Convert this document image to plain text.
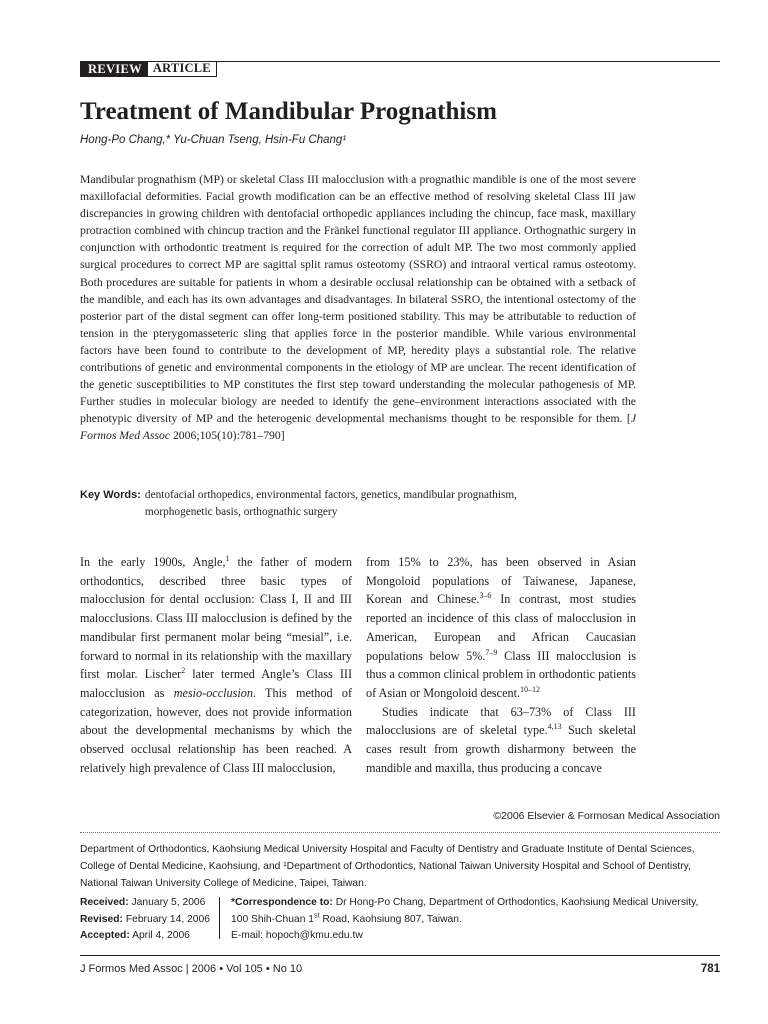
REVIEW ARTICLE
Treatment of Mandibular Prognathism
Hong-Po Chang,* Yu-Chuan Tseng, Hsin-Fu Chang¹
Mandibular prognathism (MP) or skeletal Class III malocclusion with a prognathic mandible is one of the most severe maxillofacial deformities. Facial growth modification can be an effective method of resolving skeletal Class III jaw discrepancies in growing children with dentofacial orthopedic appliances including the chincup, face mask, maxillary protraction combined with chincup traction and the Fränkel functional regulator III appliance. Orthognathic surgery in conjunction with orthodontic treatment is required for the correction of adult MP. The two most commonly applied surgical procedures to correct MP are sagittal split ramus osteotomy (SSRO) and intraoral vertical ramus osteotomy. Both procedures are suitable for patients in whom a desirable occlusal relationship can be obtained with a setback of the mandible, and each has its own advantages and disadvantages. In bilateral SSRO, the intentional ostectomy of the posterior part of the distal segment can offer long-term positioned stability. This may be attributable to reduction of tension in the pterygomasseteric sling that applies force in the posterior mandible. While various environmental factors have been found to contribute to the development of MP, heredity plays a substantial role. The relative contributions of genetic and environmental components in the etiology of MP are unclear. The recent identification of the genetic susceptibilities to MP constitutes the first step toward understanding the molecular pathogenesis of MP. Further studies in molecular biology are needed to identify the gene–environment interactions associated with the phenotypic diversity of MP and the heterogenic developmental mechanisms thought to be responsible for them. [J Formos Med Assoc 2006;105(10):781–790]
Key Words: dentofacial orthopedics, environmental factors, genetics, mandibular prognathism,
morphogenetic basis, orthognathic surgery

In the early 1900s, Angle,$^1$ the father of modern orthodontics, described three basic types of malocclusion for dental occlusion: Class I, II and III malocclusions. Class III malocclusion is defined by the mandibular first permanent molar being “mesial”, i.e. forward to normal in its relationship with the maxillary first molar. Lischer$^2$ later termed Angle’s Class III malocclusion as mesio-occlusion. This method of categorization, however, does not provide information about the developmental mechanisms by which the observed occlusal relationship has been reached. A relatively high prevalence of Class III malocclusion,

from 15% to 23%, has been observed in Asian Mongoloid populations of Taiwanese, Japanese, Korean and Chinese.$^{3-6}$ In contrast, most studies reported an incidence of this class of malocclusion in American, European and African Caucasian populations below 5%.$^{7-9}$ Class III malocclusion is thus a common clinical problem in orthodontic patients of Asian or Mongoloid descent.$^{10-12}$

Studies indicate that 63–73% of Class III malocclusions are of skeletal type.$^{4,13}$ Such skeletal cases result from growth disharmony between the mandible and maxilla, thus producing a concave

©2006 Elsevier & Formosan Medical Association
Department of Orthodontics, Kaohsiung Medical University Hospital and Faculty of Dentistry and Graduate Institute of Dental Sciences,
College of Dental Medicine, Kaohsiung, and ¹Department of Orthodontics, National Taiwan University Hospital and School of Dentistry,
National Taiwan University College of Medicine, Taipei, Taiwan.
Received: January 5, 2006
Revised: February 14, 2006
Accepted: April 4, 2006
*Correspondence to: Dr Hong-Po Chang, Department of Orthodontics, Kaohsiung Medical University,
100 Shih-Chuan 1st Road, Kaohsiung 807, Taiwan.
E-mail: hopoch@kmu.edu.tw
J Formos Med Assoc | 2006 • Vol 105 • No 10	781
